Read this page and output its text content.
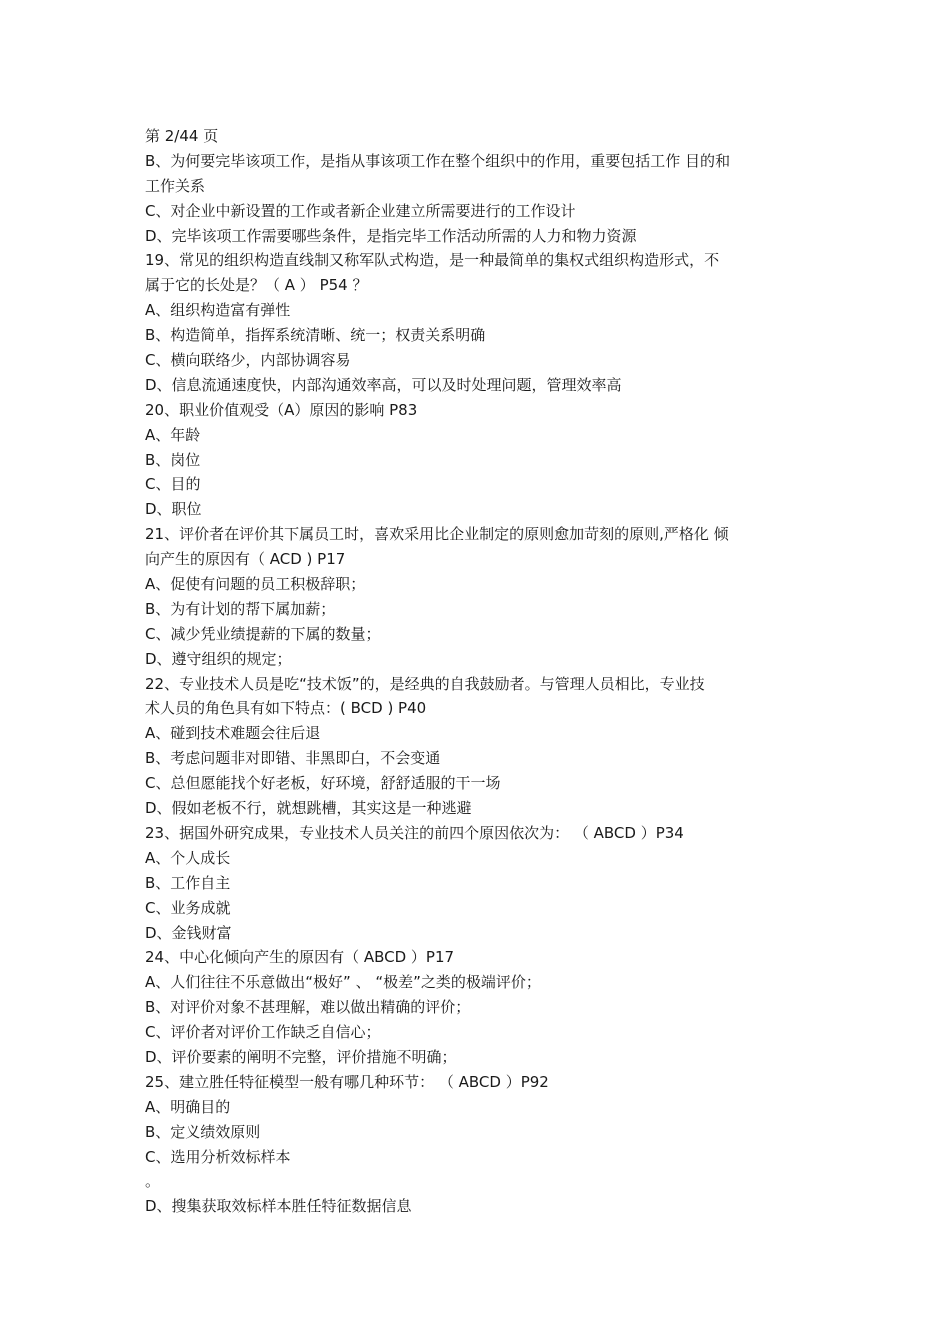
第 2/44 页
B、为何要完毕该项工作，是指从事该项工作在整个组织中的作用，重要包括工作 目的和
工作关系
C、对企业中新设置的工作或者新企业建立所需要进行的工作设计
D、完毕该项工作需要哪些条件，是指完毕工作活动所需的人力和物力资源
19、常见的组织构造直线制又称军队式构造，是一种最简单的集权式组织构造形式，不
属于它的长处是？（ A ） P54 ？
A、组织构造富有弹性
B、构造简单，指挥系统清晰、统一；权责关系明确
C、横向联络少，内部协调容易
D、信息流通速度快，内部沟通效率高，可以及时处理问题，管理效率高
20、职业价值观受（A）原因的影响 P83
A、年龄
B、岗位
C、目的
D、职位
21、评价者在评价其下属员工时，喜欢采用比企业制定的原则愈加苛刻的原则,严格化 倾
向产生的原因有（ ACD ) P17
A、促使有问题的员工积极辞职；
B、为有计划的帮下属加薪；
C、减少凭业绩提薪的下属的数量；
D、遵守组织的规定；
22、专业技术人员是吃“技术饭”的，是经典的自我鼓励者。与管理人员相比，专业技
术人员的角色具有如下特点：( BCD ) P40
A、碰到技术难题会往后退
B、考虑问题非对即错、非黑即白，不会变通
C、总但愿能找个好老板，好环境，舒舒适服的干一场
D、假如老板不行，就想跳槽，其实这是一种逃避
23、据国外研究成果，专业技术人员关注的前四个原因依次为： （ ABCD ）P34
A、个人成长
B、工作自主
C、业务成就
D、金钱财富
24、中心化倾向产生的原因有（ ABCD ）P17
A、人们往往不乐意做出“极好” 、 “极差”之类的极端评价；
B、对评价对象不甚理解，难以做出精确的评价；
C、评价者对评价工作缺乏自信心；
D、评价要素的阐明不完整，评价措施不明确；
25、建立胜任特征模型一般有哪几种环节： （ ABCD ）P92
A、明确目的
B、定义绩效原则
C、选用分析效标样本
。
D、搜集获取效标样本胜任特征数据信息
